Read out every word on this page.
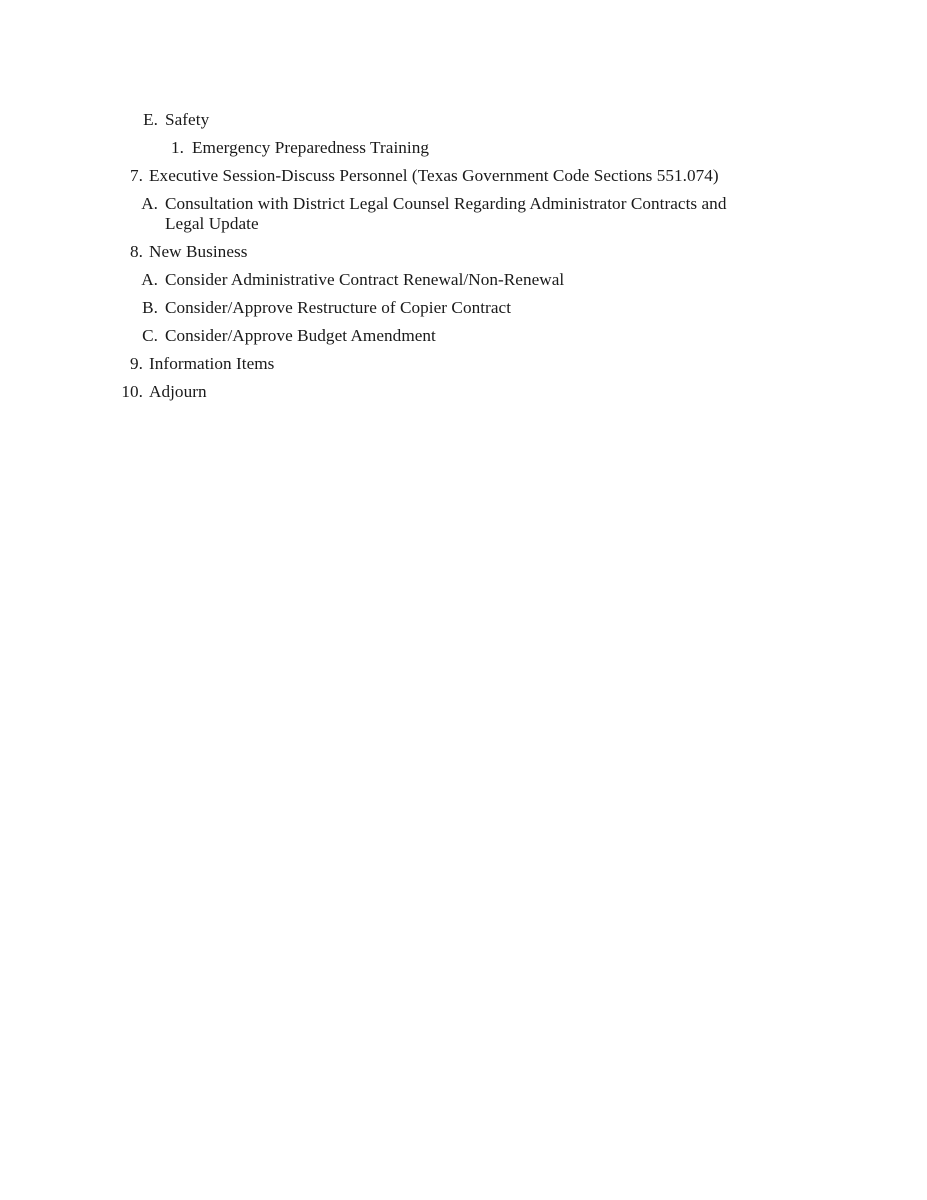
E. Safety
1. Emergency Preparedness Training
7. Executive Session-Discuss Personnel (Texas Government Code Sections 551.074)
A. Consultation with District Legal Counsel Regarding Administrator Contracts and Legal Update
8. New Business
A. Consider Administrative Contract Renewal/Non-Renewal
B. Consider/Approve Restructure of Copier Contract
C. Consider/Approve Budget Amendment
9. Information Items
10. Adjourn
